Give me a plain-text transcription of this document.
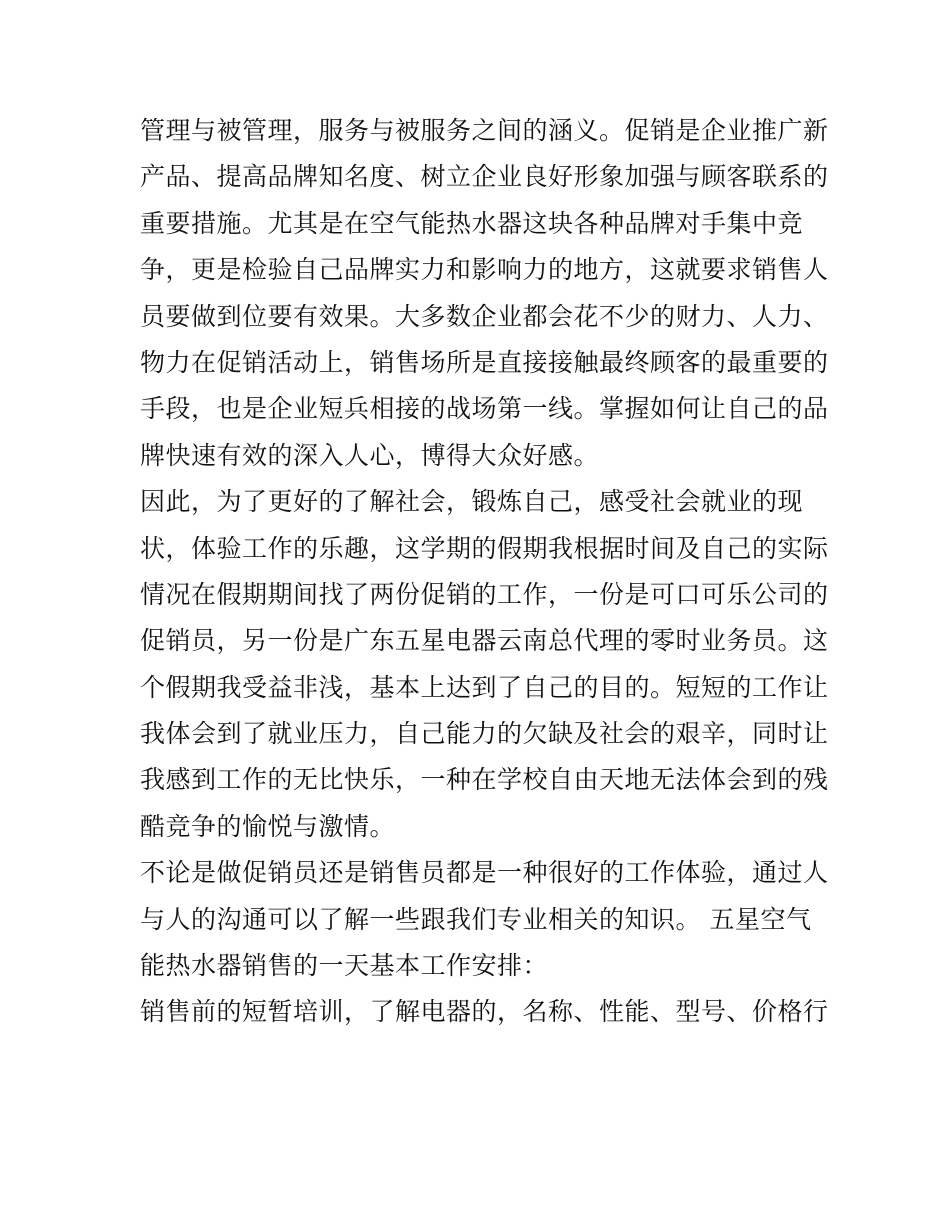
管理与被管理，服务与被服务之间的涵义。促销是企业推广新
产品、提高品牌知名度、树立企业良好形象加强与顾客联系的
重要措施。尤其是在空气能热水器这块各种品牌对手集中竞
争，更是检验自己品牌实力和影响力的地方，这就要求销售人
员要做到位要有效果。大多数企业都会花不少的财力、人力、
物力在促销活动上，销售场所是直接接触最终顾客的最重要的
手段，也是企业短兵相接的战场第一线。掌握如何让自己的品
牌快速有效的深入人心，博得大众好感。
因此，为了更好的了解社会，锻炼自己，感受社会就业的现
状，体验工作的乐趣，这学期的假期我根据时间及自己的实际
情况在假期期间找了两份促销的工作，一份是可口可乐公司的
促销员，另一份是广东五星电器云南总代理的零时业务员。这
个假期我受益非浅，基本上达到了自己的目的。短短的工作让
我体会到了就业压力，自己能力的欠缺及社会的艰辛，同时让
我感到工作的无比快乐，一种在学校自由天地无法体会到的残
酷竞争的愉悦与激情。
不论是做促销员还是销售员都是一种很好的工作体验，通过人
与人的沟通可以了解一些跟我们专业相关的知识。 五星空气
能热水器销售的一天基本工作安排：
销售前的短暂培训，了解电器的，名称、性能、型号、价格行
